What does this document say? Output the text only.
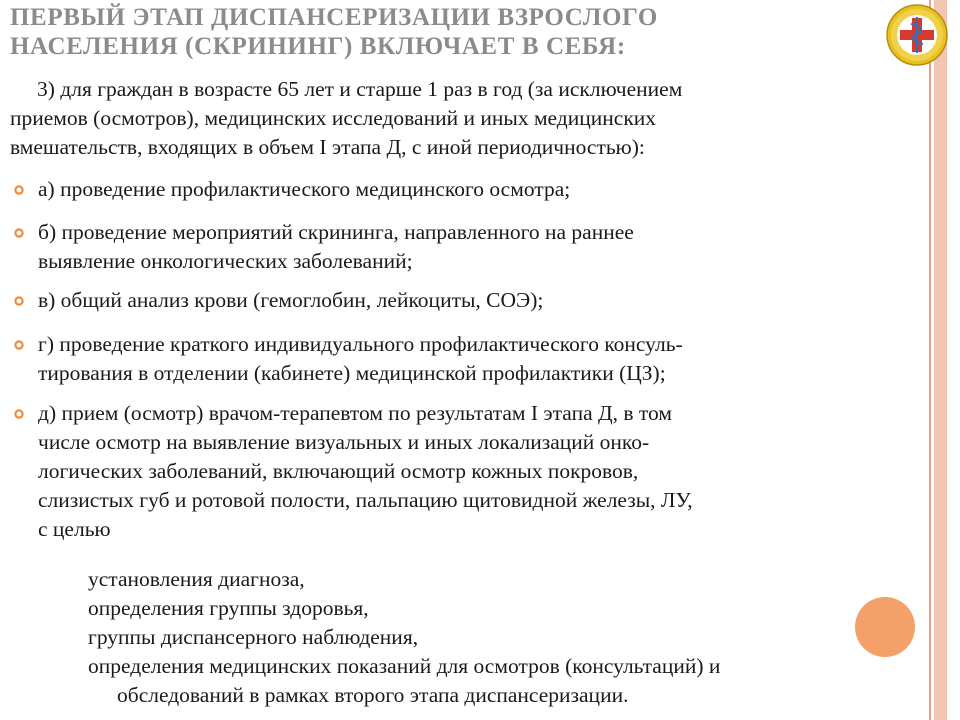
ПЕРВЫЙ ЭТАП ДИСПАНСЕРИЗАЦИИ ВЗРОСЛОГО
НАСЕЛЕНИЯ (СКРИНИНГ) ВКЛЮЧАЕТ В СЕБЯ:
3) для граждан в возрасте 65 лет и старше 1 раз в год (за исключением
приемов (осмотров), медицинских исследований и иных медицинских
вмешательств, входящих в объем I этапа Д, с иной периодичностью):
а) проведение профилактического медицинского осмотра;
б) проведение мероприятий скрининга, направленного на раннее
выявление онкологических заболеваний;
в) общий анализ крови (гемоглобин, лейкоциты, СОЭ);
г) проведение краткого индивидуального профилактического консуль-
тирования в отделении (кабинете) медицинской профилактики (ЦЗ);
д) прием (осмотр) врачом-терапевтом по результатам I этапа Д, в том
числе осмотр на выявление визуальных и иных локализаций онко-
логических заболеваний, включающий осмотр кожных покровов,
слизистых губ и ротовой полости, пальпацию щитовидной железы, ЛУ,
с целью
установления диагноза,
определения группы здоровья,
группы диспансерного наблюдения,
определения медицинских показаний для осмотров (консультаций) и
обследований в рамках второго этапа диспансеризации.
